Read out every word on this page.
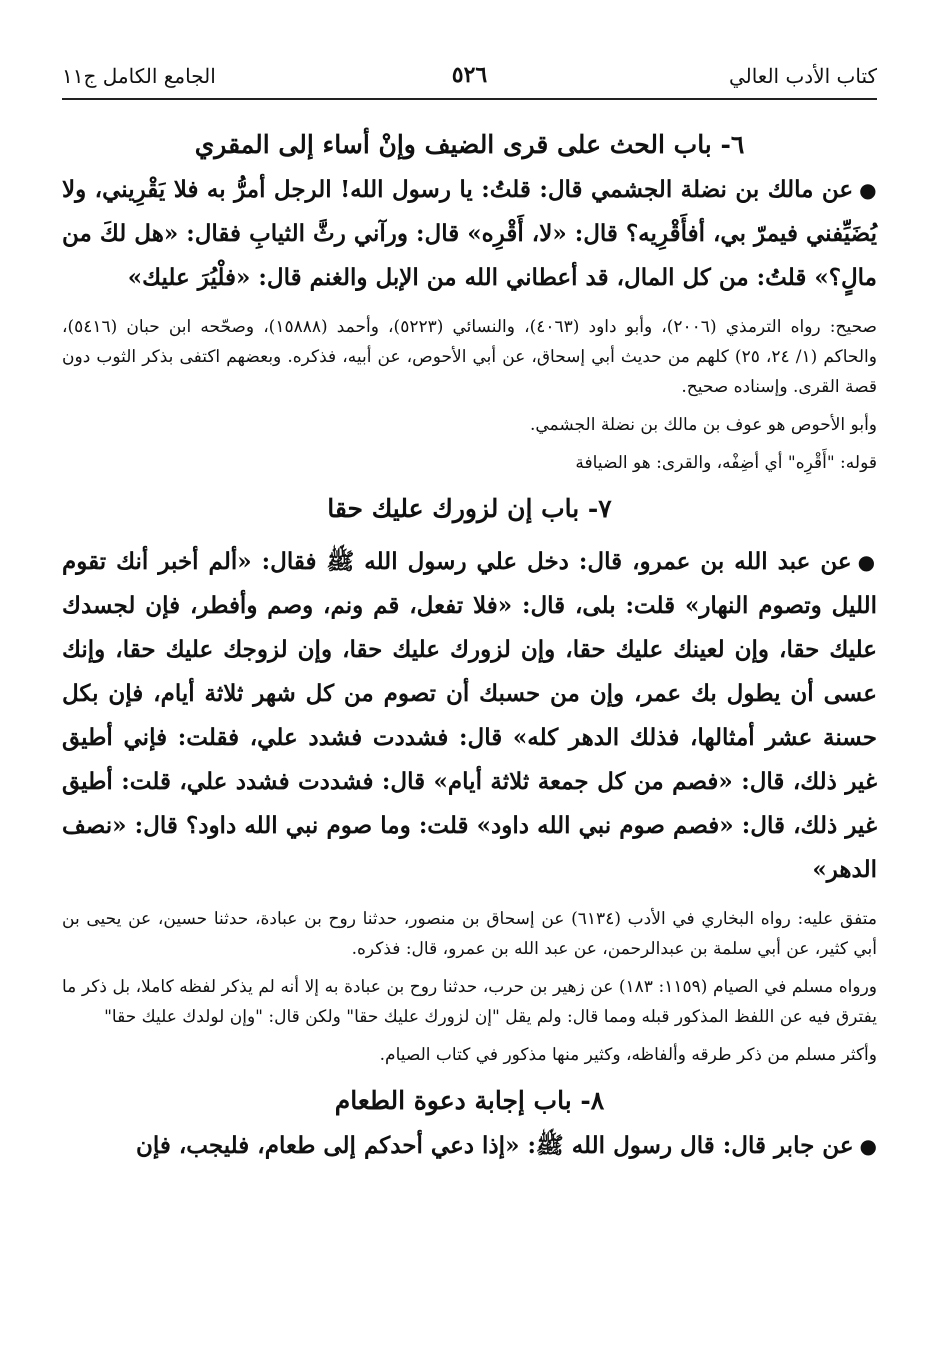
كتاب الأدب العالي
٥٢٦
الجامع الكامل ج١١
٦- باب الحث على قرى الضيف وإنْ أساء إلى المقري

●عن مالك بن نضلة الجشمي قال: قلتُ: يا رسول الله! الرجل أمرُّ به فلا يَقْرِيني، ولا يُضَيِّفني فيمرّ بي، أفأَقْرِيه؟ قال: «لا، أَقْرِه» قال: ورآني رثَّ الثيابِ فقال: «هل لكَ من مالٍ؟» قلتُ: من كل المال، قد أعطاني الله من الإبل والغنم قال: «فلْيُرَ عليك»

صحيح: رواه الترمذي (٢٠٠٦)، وأبو داود (٤٠٦٣)، والنسائي (٥٢٢٣)، وأحمد (١٥٨٨٨)، وصحّحه ابن حبان (٥٤١٦)، والحاكم (١/ ٢٤، ٢٥) كلهم من حديث أبي إسحاق، عن أبي الأحوص، عن أبيه، فذكره. وبعضهم اكتفى بذكر الثوب دون قصة القرى. وإسناده صحيح.

وأبو الأحوص هو عوف بن مالك بن نضلة الجشمي.

قوله: "أَقْرِه" أي أضِفْه، والقرى: هو الضيافة

٧- باب إن لزورك عليك حقا

●عن عبد الله بن عمرو، قال: دخل علي رسول الله ﷺ فقال: «ألم أخبر أنك تقوم الليل وتصوم النهار» قلت: بلى، قال: «فلا تفعل، قم ونم، وصم وأفطر، فإن لجسدك عليك حقا، وإن لعينك عليك حقا، وإن لزورك عليك حقا، وإن لزوجك عليك حقا، وإنك عسى أن يطول بك عمر، وإن من حسبك أن تصوم من كل شهر ثلاثة أيام، فإن بكل حسنة عشر أمثالها، فذلك الدهر كله» قال: فشددت فشدد علي، فقلت: فإني أطيق غير ذلك، قال: «فصم من كل جمعة ثلاثة أيام» قال: فشددت فشدد علي، قلت: أطيق غير ذلك، قال: «فصم صوم نبي الله داود» قلت: وما صوم نبي الله داود؟ قال: «نصف الدهر»

متفق عليه: رواه البخاري في الأدب (٦١٣٤) عن إسحاق بن منصور، حدثنا روح بن عبادة، حدثنا حسين، عن يحيى بن أبي كثير، عن أبي سلمة بن عبدالرحمن، عن عبد الله بن عمرو، قال: فذكره.

ورواه مسلم في الصيام (١١٥٩: ١٨٣) عن زهير بن حرب، حدثنا روح بن عبادة به إلا أنه لم يذكر لفظه كاملا، بل ذكر ما يفترق فيه عن اللفظ المذكور قبله ومما قال: ولم يقل "إن لزورك عليك حقا" ولكن قال: "وإن لولدك عليك حقا"

وأكثر مسلم من ذكر طرقه وألفاظه، وكثير منها مذكور في كتاب الصيام.

٨- باب إجابة دعوة الطعام

●عن جابر قال: قال رسول الله ﷺ: «إذا دعي أحدكم إلى طعام، فليجب، فإن
